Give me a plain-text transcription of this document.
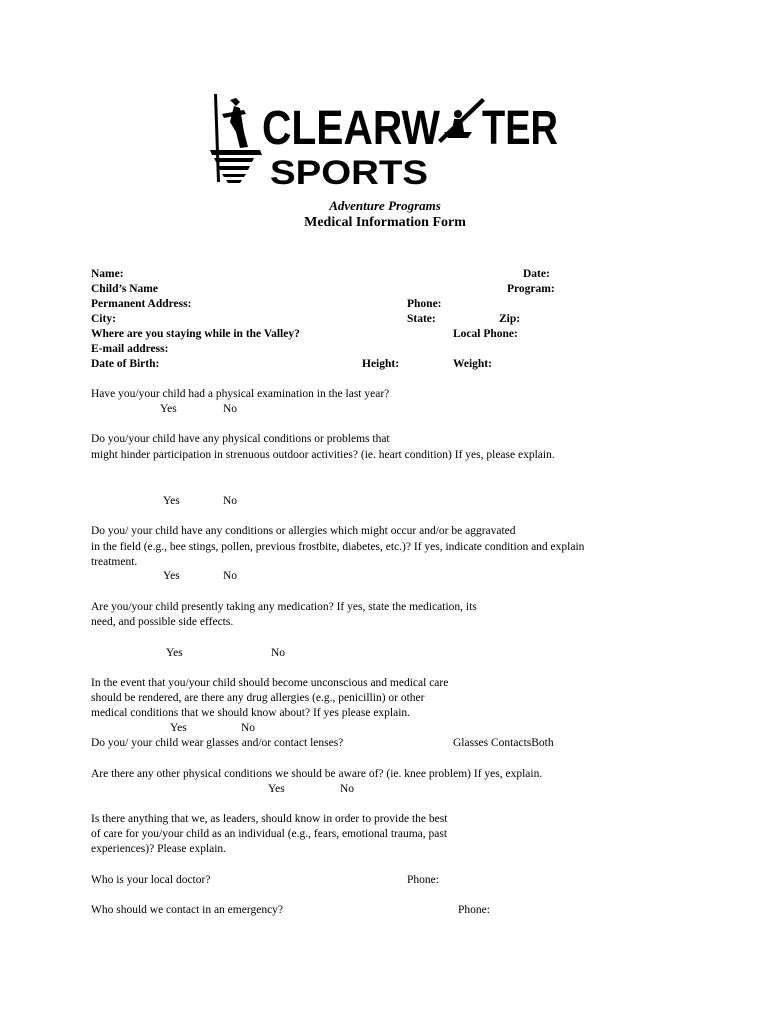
CLEARW TER
SPORTS
Adventure Programs
Medical Information Form
Name:	Date:
Child’s Name	Program:
Permanent Address:	Phone:
City:	State:	Zip:
Where are you staying while in the Valley?	Local Phone:
E-mail address:
Date of Birth:	Height:	Weight:
Have you/your child had a physical examination in the last year?
Yes	No
Do you/your child have any physical conditions or problems that
might hinder participation in strenuous outdoor activities? (ie. heart condition) If yes, please explain.
Yes	No
Do you/ your child have any conditions or allergies which might occur and/or be aggravated
in the field (e.g., bee stings, pollen, previous frostbite, diabetes, etc.)? If yes, indicate condition and explain
treatment.
Yes	No
Are you/your child presently taking any medication? If yes, state the medication, its
need, and possible side effects.
Yes	No
In the event that you/your child should become unconscious and medical care
should be rendered, are there any drug allergies (e.g., penicillin) or other
medical conditions that we should know about? If yes please explain.
Yes	No
Do you/ your child wear glasses and/or contact lenses?	Glasses ContactsBoth
Are there any other physical conditions we should be aware of? (ie. knee problem) If yes, explain.
Yes	No
Is there anything that we, as leaders, should know in order to provide the best
of care for you/your child as an individual (e.g., fears, emotional trauma, past
experiences)? Please explain.
Who is your local doctor?	Phone:
Who should we contact in an emergency?	Phone:
